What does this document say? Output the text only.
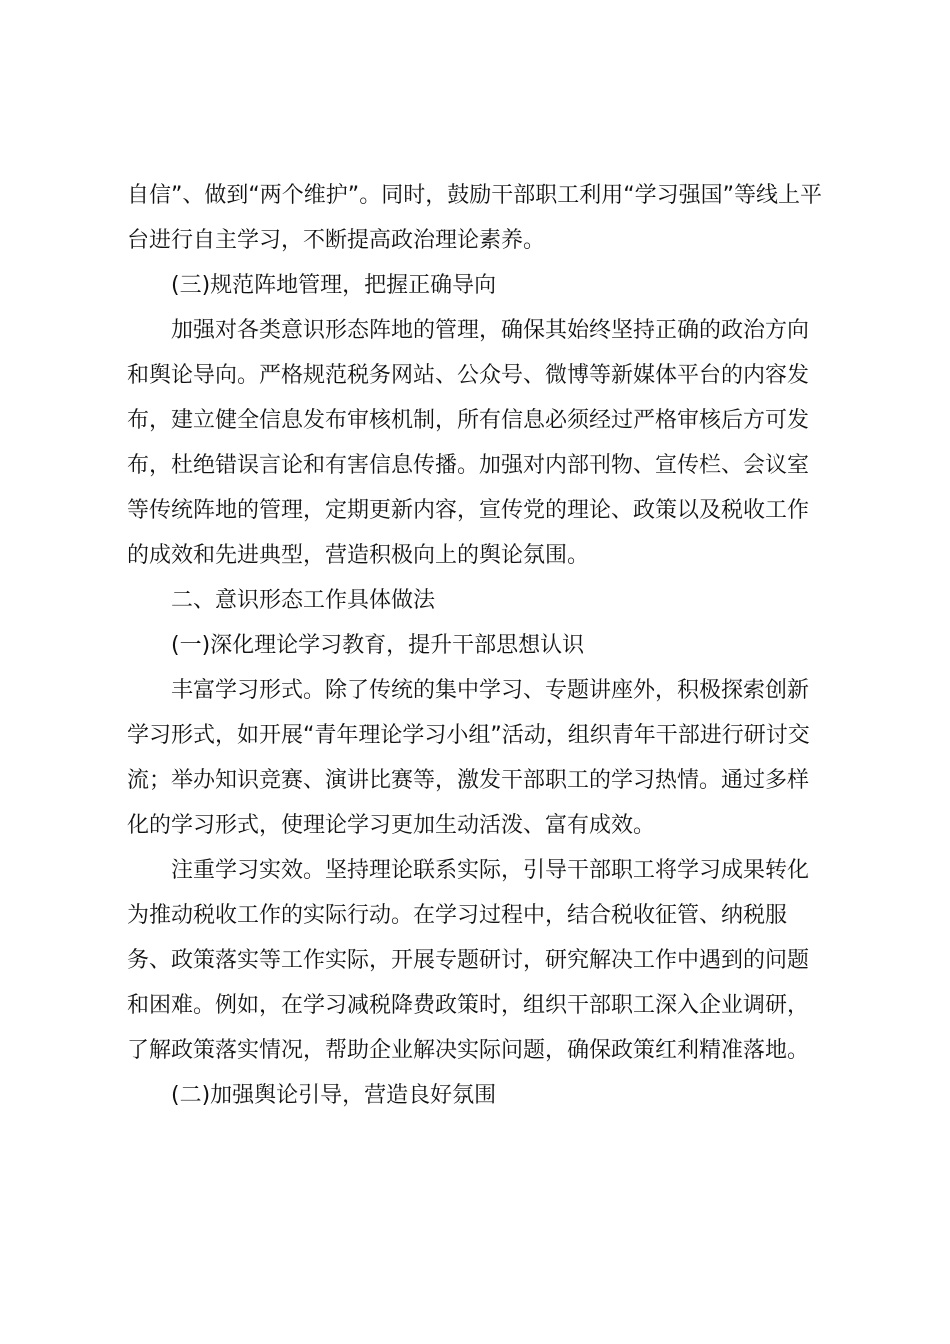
自信”、做到“两个维护”。同时，鼓励干部职工利用“学习强国”等线上平
台进行自主学习，不断提高政治理论素养。
(三)规范阵地管理，把握正确导向
加强对各类意识形态阵地的管理，确保其始终坚持正确的政治方向
和舆论导向。严格规范税务网站、公众号、微博等新媒体平台的内容发
布，建立健全信息发布审核机制，所有信息必须经过严格审核后方可发
布，杜绝错误言论和有害信息传播。加强对内部刊物、宣传栏、会议室
等传统阵地的管理，定期更新内容，宣传党的理论、政策以及税收工作
的成效和先进典型，营造积极向上的舆论氛围。
二、意识形态工作具体做法
(一)深化理论学习教育，提升干部思想认识
丰富学习形式。除了传统的集中学习、专题讲座外，积极探索创新
学习形式，如开展“青年理论学习小组”活动，组织青年干部进行研讨交
流；举办知识竞赛、演讲比赛等，激发干部职工的学习热情。通过多样
化的学习形式，使理论学习更加生动活泼、富有成效。
注重学习实效。坚持理论联系实际，引导干部职工将学习成果转化
为推动税收工作的实际行动。在学习过程中，结合税收征管、纳税服
务、政策落实等工作实际，开展专题研讨，研究解决工作中遇到的问题
和困难。例如，在学习减税降费政策时，组织干部职工深入企业调研，
了解政策落实情况，帮助企业解决实际问题，确保政策红利精准落地。
(二)加强舆论引导，营造良好氛围
